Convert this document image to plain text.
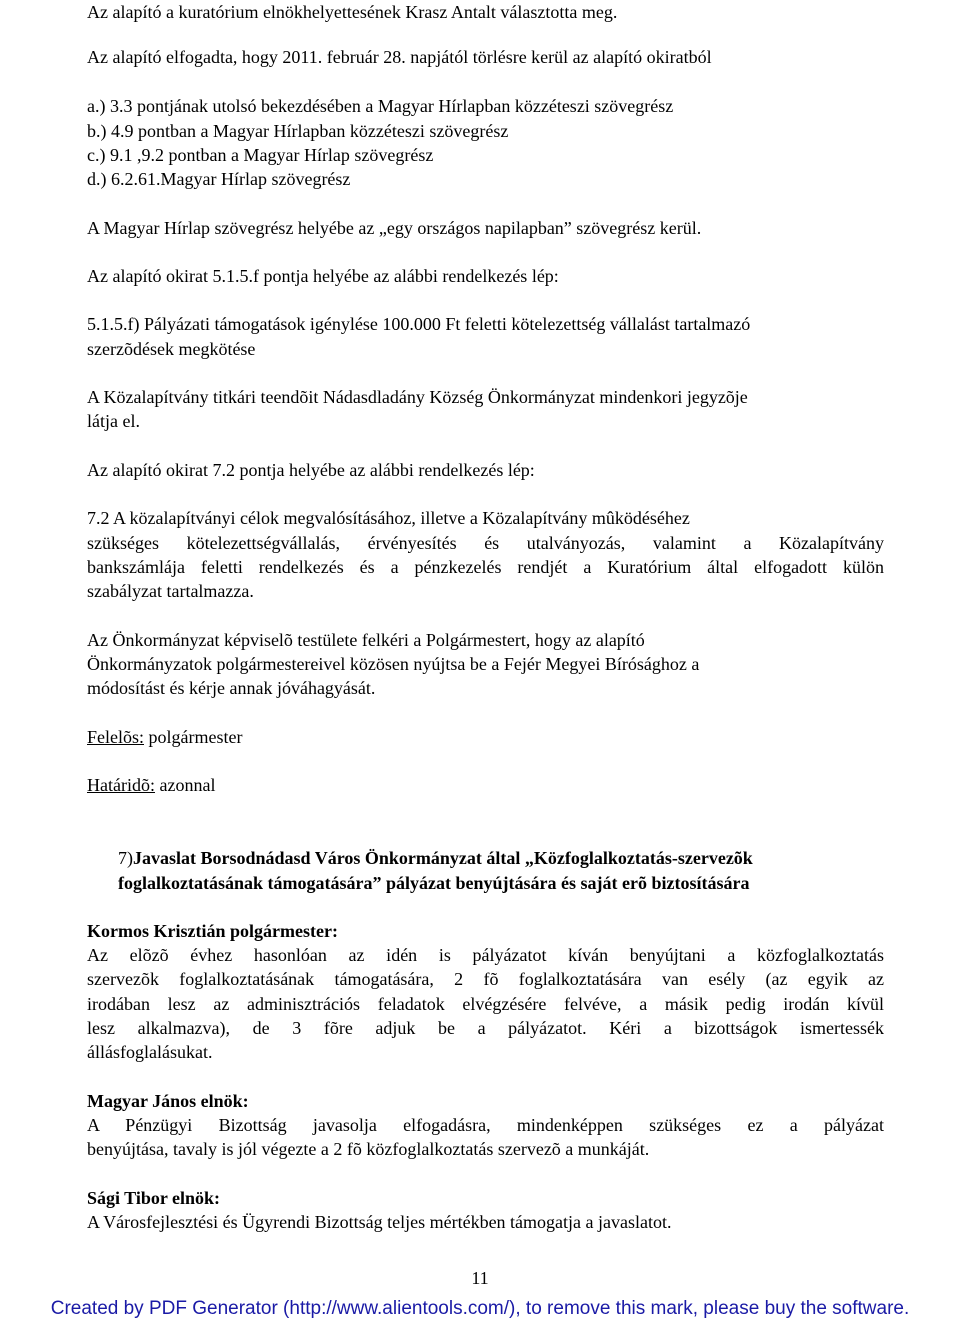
Az alapító a kuratórium elnökhelyettesének Krasz Antalt választotta meg.
Az alapító elfogadta, hogy 2011. február 28. napjától törlésre kerül az alapító okiratból
a.) 3.3 pontjának utolsó bekezdésében a Magyar Hírlapban közzéteszi szövegrész
b.) 4.9 pontban a Magyar Hírlapban közzéteszi szövegrész
c.) 9.1 ,9.2 pontban a Magyar Hírlap szövegrész
d.) 6.2.61.Magyar Hírlap szövegrész
A Magyar Hírlap szövegrész helyébe az „egy országos napilapban” szövegrész kerül.
Az alapító okirat 5.1.5.f pontja helyébe az alábbi rendelkezés lép:
5.1.5.f) Pályázati támogatások igénylése 100.000 Ft feletti kötelezettség vállalást tartalmazó
szerzõdések megkötése
A Közalapítvány titkári teendõit Nádasdladány Község Önkormányzat mindenkori jegyzõje
látja el.
Az alapító okirat 7.2 pontja helyébe az alábbi rendelkezés lép:
7.2 A közalapítványi célok megvalósításához, illetve a Közalapítvány mûködéséhez
szükséges kötelezettségvállalás, érvényesítés és utalványozás, valamint a Közalapítvány
bankszámlája feletti rendelkezés és a pénzkezelés rendjét a Kuratórium által elfogadott külön
szabályzat tartalmazza.
Az Önkormányzat képviselõ testülete felkéri a Polgármestert, hogy az alapító
Önkormányzatok polgármestereivel közösen nyújtsa be a Fejér Megyei Bírósághoz a
módosítást és kérje annak jóváhagyását.
Felelõs: polgármester
Határidõ: azonnal
7)Javaslat Borsodnádasd Város Önkormányzat által „Közfoglalkoztatás-szervezõk
foglalkoztatásának támogatására” pályázat benyújtására és saját erõ biztosítására
Kormos Krisztián polgármester:
Az elõzõ évhez hasonlóan az idén is pályázatot kíván benyújtani a közfoglalkoztatás
szervezõk foglalkoztatásának támogatására, 2 fõ foglalkoztatására van esély (az egyik az
irodában lesz az adminisztrációs feladatok elvégzésére felvéve, a másik pedig irodán kívül
lesz alkalmazva), de 3 fõre adjuk be a pályázatot. Kéri a bizottságok ismertessék
állásfoglalásukat.
Magyar János elnök:
A Pénzügyi Bizottság javasolja elfogadásra, mindenképpen szükséges ez a pályázat
benyújtása, tavaly is jól végezte a 2 fõ közfoglalkoztatás szervezõ a munkáját.
Sági Tibor elnök:
A Városfejlesztési és Ügyrendi Bizottság teljes mértékben támogatja a javaslatot.
11
Created by PDF Generator (http://www.alientools.com/), to remove this mark, please buy the software.
